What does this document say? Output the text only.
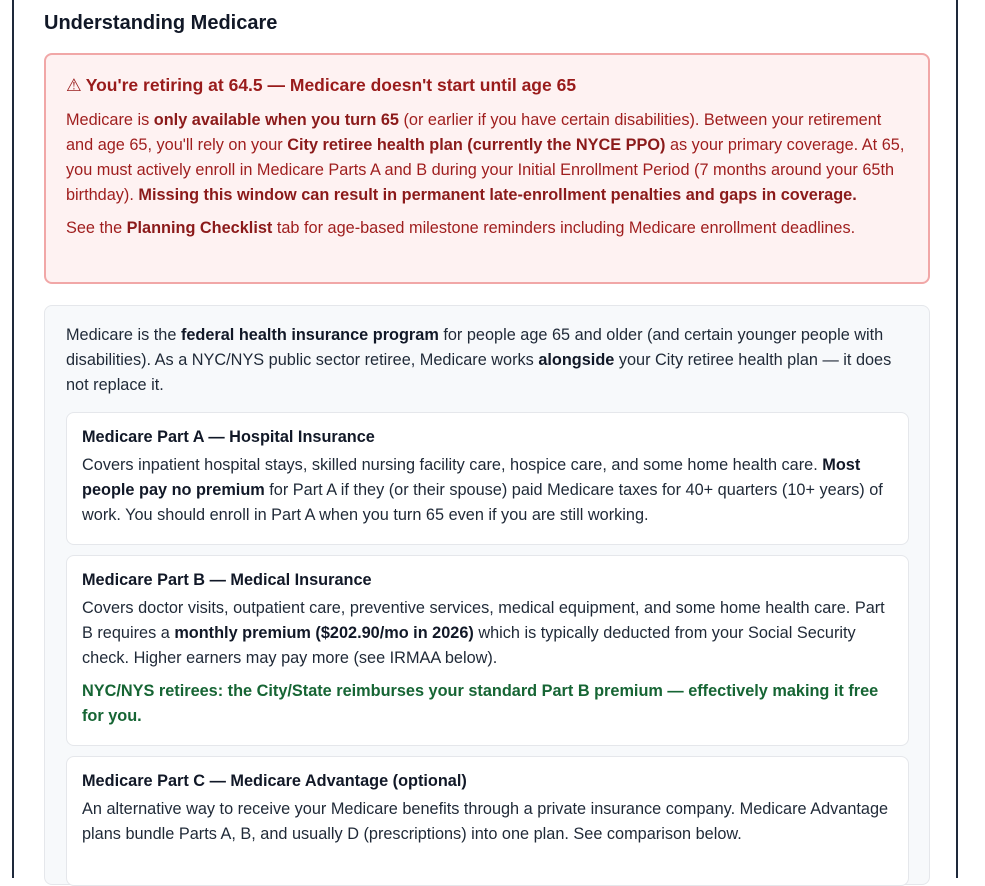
Understanding Medicare
⚠ You're retiring at 64.5 — Medicare doesn't start until age 65

Medicare is only available when you turn 65 (or earlier if you have certain disabilities). Between your retirement and age 65, you'll rely on your City retiree health plan (currently the NYCE PPO) as your primary coverage. At 65, you must actively enroll in Medicare Parts A and B during your Initial Enrollment Period (7 months around your 65th birthday). Missing this window can result in permanent late-enrollment penalties and gaps in coverage.

See the Planning Checklist tab for age-based milestone reminders including Medicare enrollment deadlines.

Medicare is the federal health insurance program for people age 65 and older (and certain younger people with disabilities). As a NYC/NYS public sector retiree, Medicare works alongside your City retiree health plan — it does not replace it.

Medicare Part A — Hospital Insurance

Covers inpatient hospital stays, skilled nursing facility care, hospice care, and some home health care. Most people pay no premium for Part A if they (or their spouse) paid Medicare taxes for 40+ quarters (10+ years) of work. You should enroll in Part A when you turn 65 even if you are still working.

Medicare Part B — Medical Insurance

Covers doctor visits, outpatient care, preventive services, medical equipment, and some home health care. Part B requires a monthly premium ($202.90/mo in 2026) which is typically deducted from your Social Security check. Higher earners may pay more (see IRMAA below).

NYC/NYS retirees: the City/State reimburses your standard Part B premium — effectively making it free for you.

Medicare Part C — Medicare Advantage (optional)

An alternative way to receive your Medicare benefits through a private insurance company. Medicare Advantage plans bundle Parts A, B, and usually D (prescriptions) into one plan. See comparison below.
